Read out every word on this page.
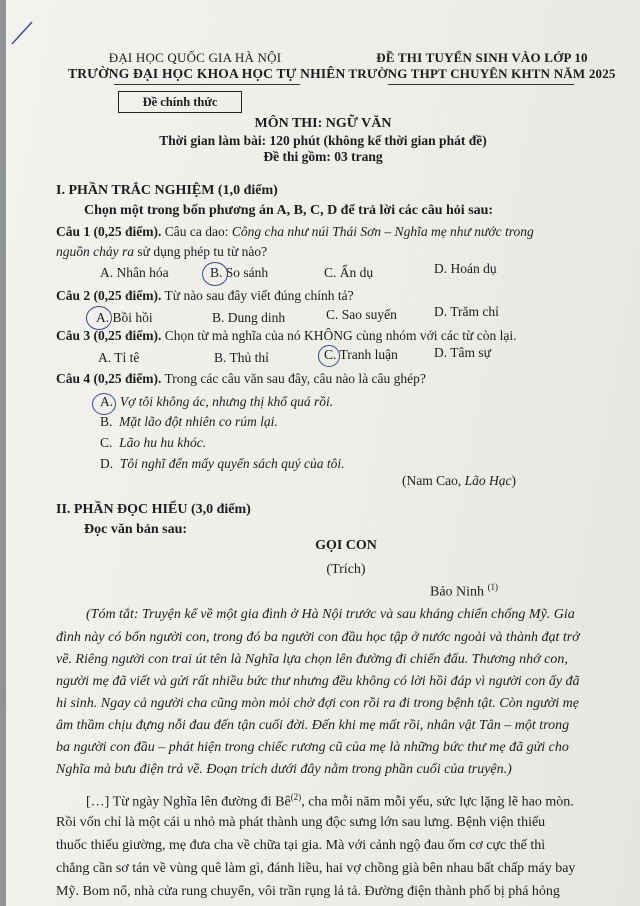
ĐẠI HỌC QUỐC GIA HÀ NỘI
TRƯỜNG ĐẠI HỌC KHOA HỌC TỰ NHIÊN
ĐỀ THI TUYỂN SINH VÀO LỚP 10
TRƯỜNG THPT CHUYÊN KHTN NĂM 2025
Đề chính thức
MÔN THI: NGỮ VĂN
Thời gian làm bài: 120 phút (không kể thời gian phát đề)
Đề thi gồm: 03 trang
I. PHẦN TRẮC NGHIỆM (1,0 điểm)
Chọn một trong bốn phương án A, B, C, D để trả lời các câu hỏi sau:
Câu 1 (0,25 điểm). Câu ca dao: Công cha như núi Thái Sơn – Nghĩa mẹ như nước trong
nguồn chảy ra sử dụng phép tu từ nào?
A. Nhân hóa	B. So sánh	C. Ẩn dụ	D. Hoán dụ
Câu 2 (0,25 điểm). Từ nào sau đây viết đúng chính tả?
A. Bồi hồi	B. Dung dinh	C. Sao suyến	D. Trăm chỉ
Câu 3 (0,25 điểm). Chọn từ mà nghĩa của nó KHÔNG cùng nhóm với các từ còn lại.
A. Tỉ tê	B. Thủ thỉ	C. Tranh luận	D. Tâm sự
Câu 4 (0,25 điểm). Trong các câu văn sau đây, câu nào là câu ghép?
A. Vợ tôi không ác, nhưng thị khổ quá rồi.
B. Mặt lão đột nhiên co rúm lại.
C. Lão hu hu khóc.
D. Tôi nghĩ đến mấy quyển sách quý của tôi.
(Nam Cao, Lão Hạc)
II. PHẦN ĐỌC HIỂU (3,0 điểm)
Đọc văn bản sau:
GỌI CON
(Trích)
Bảo Ninh $^{(1)}$
(Tóm tắt: Truyện kể về một gia đình ở Hà Nội trước và sau kháng chiến chống Mỹ. Gia
đình này có bốn người con, trong đó ba người con đầu học tập ở nước ngoài và thành đạt trở
về. Riêng người con trai út tên là Nghĩa lựa chọn lên đường đi chiến đấu. Thương nhớ con,
người mẹ đã viết và gửi rất nhiều bức thư nhưng đều không có lời hồi đáp vì người con ấy đã
hi sinh. Ngay cả người cha cũng mòn mỏi chờ đợi con rồi ra đi trong bệnh tật. Còn người mẹ
âm thầm chịu đựng nỗi đau đến tận cuối đời. Đến khi mẹ mất rồi, nhân vật Tân – một trong
ba người con đầu – phát hiện trong chiếc rương cũ của mẹ là những bức thư mẹ đã gửi cho
Nghĩa mà bưu điện trả về. Đoạn trích dưới đây nằm trong phần cuối của truyện.)
[…] Từ ngày Nghĩa lên đường đi $Bê^{(2)}$, cha mỗi năm mỗi yếu, sức lực lặng lẽ hao mòn.
Rồi vốn chỉ là một cái u nhỏ mà phát thành ung độc sưng lớn sau lưng. Bệnh viện thiếu
thuốc thiếu giường, mẹ đưa cha về chữa tại gia. Mà với cảnh ngộ đau ốm cơ cực thế thì
chẳng cần sơ tán về vùng quê làm gì, đánh liều, hai vợ chồng già bên nhau bất chấp máy bay
Mỹ. Bom nổ, nhà cửa rung chuyển, vôi trần rụng lả tả. Đường điện thành phố bị phá hỏng
